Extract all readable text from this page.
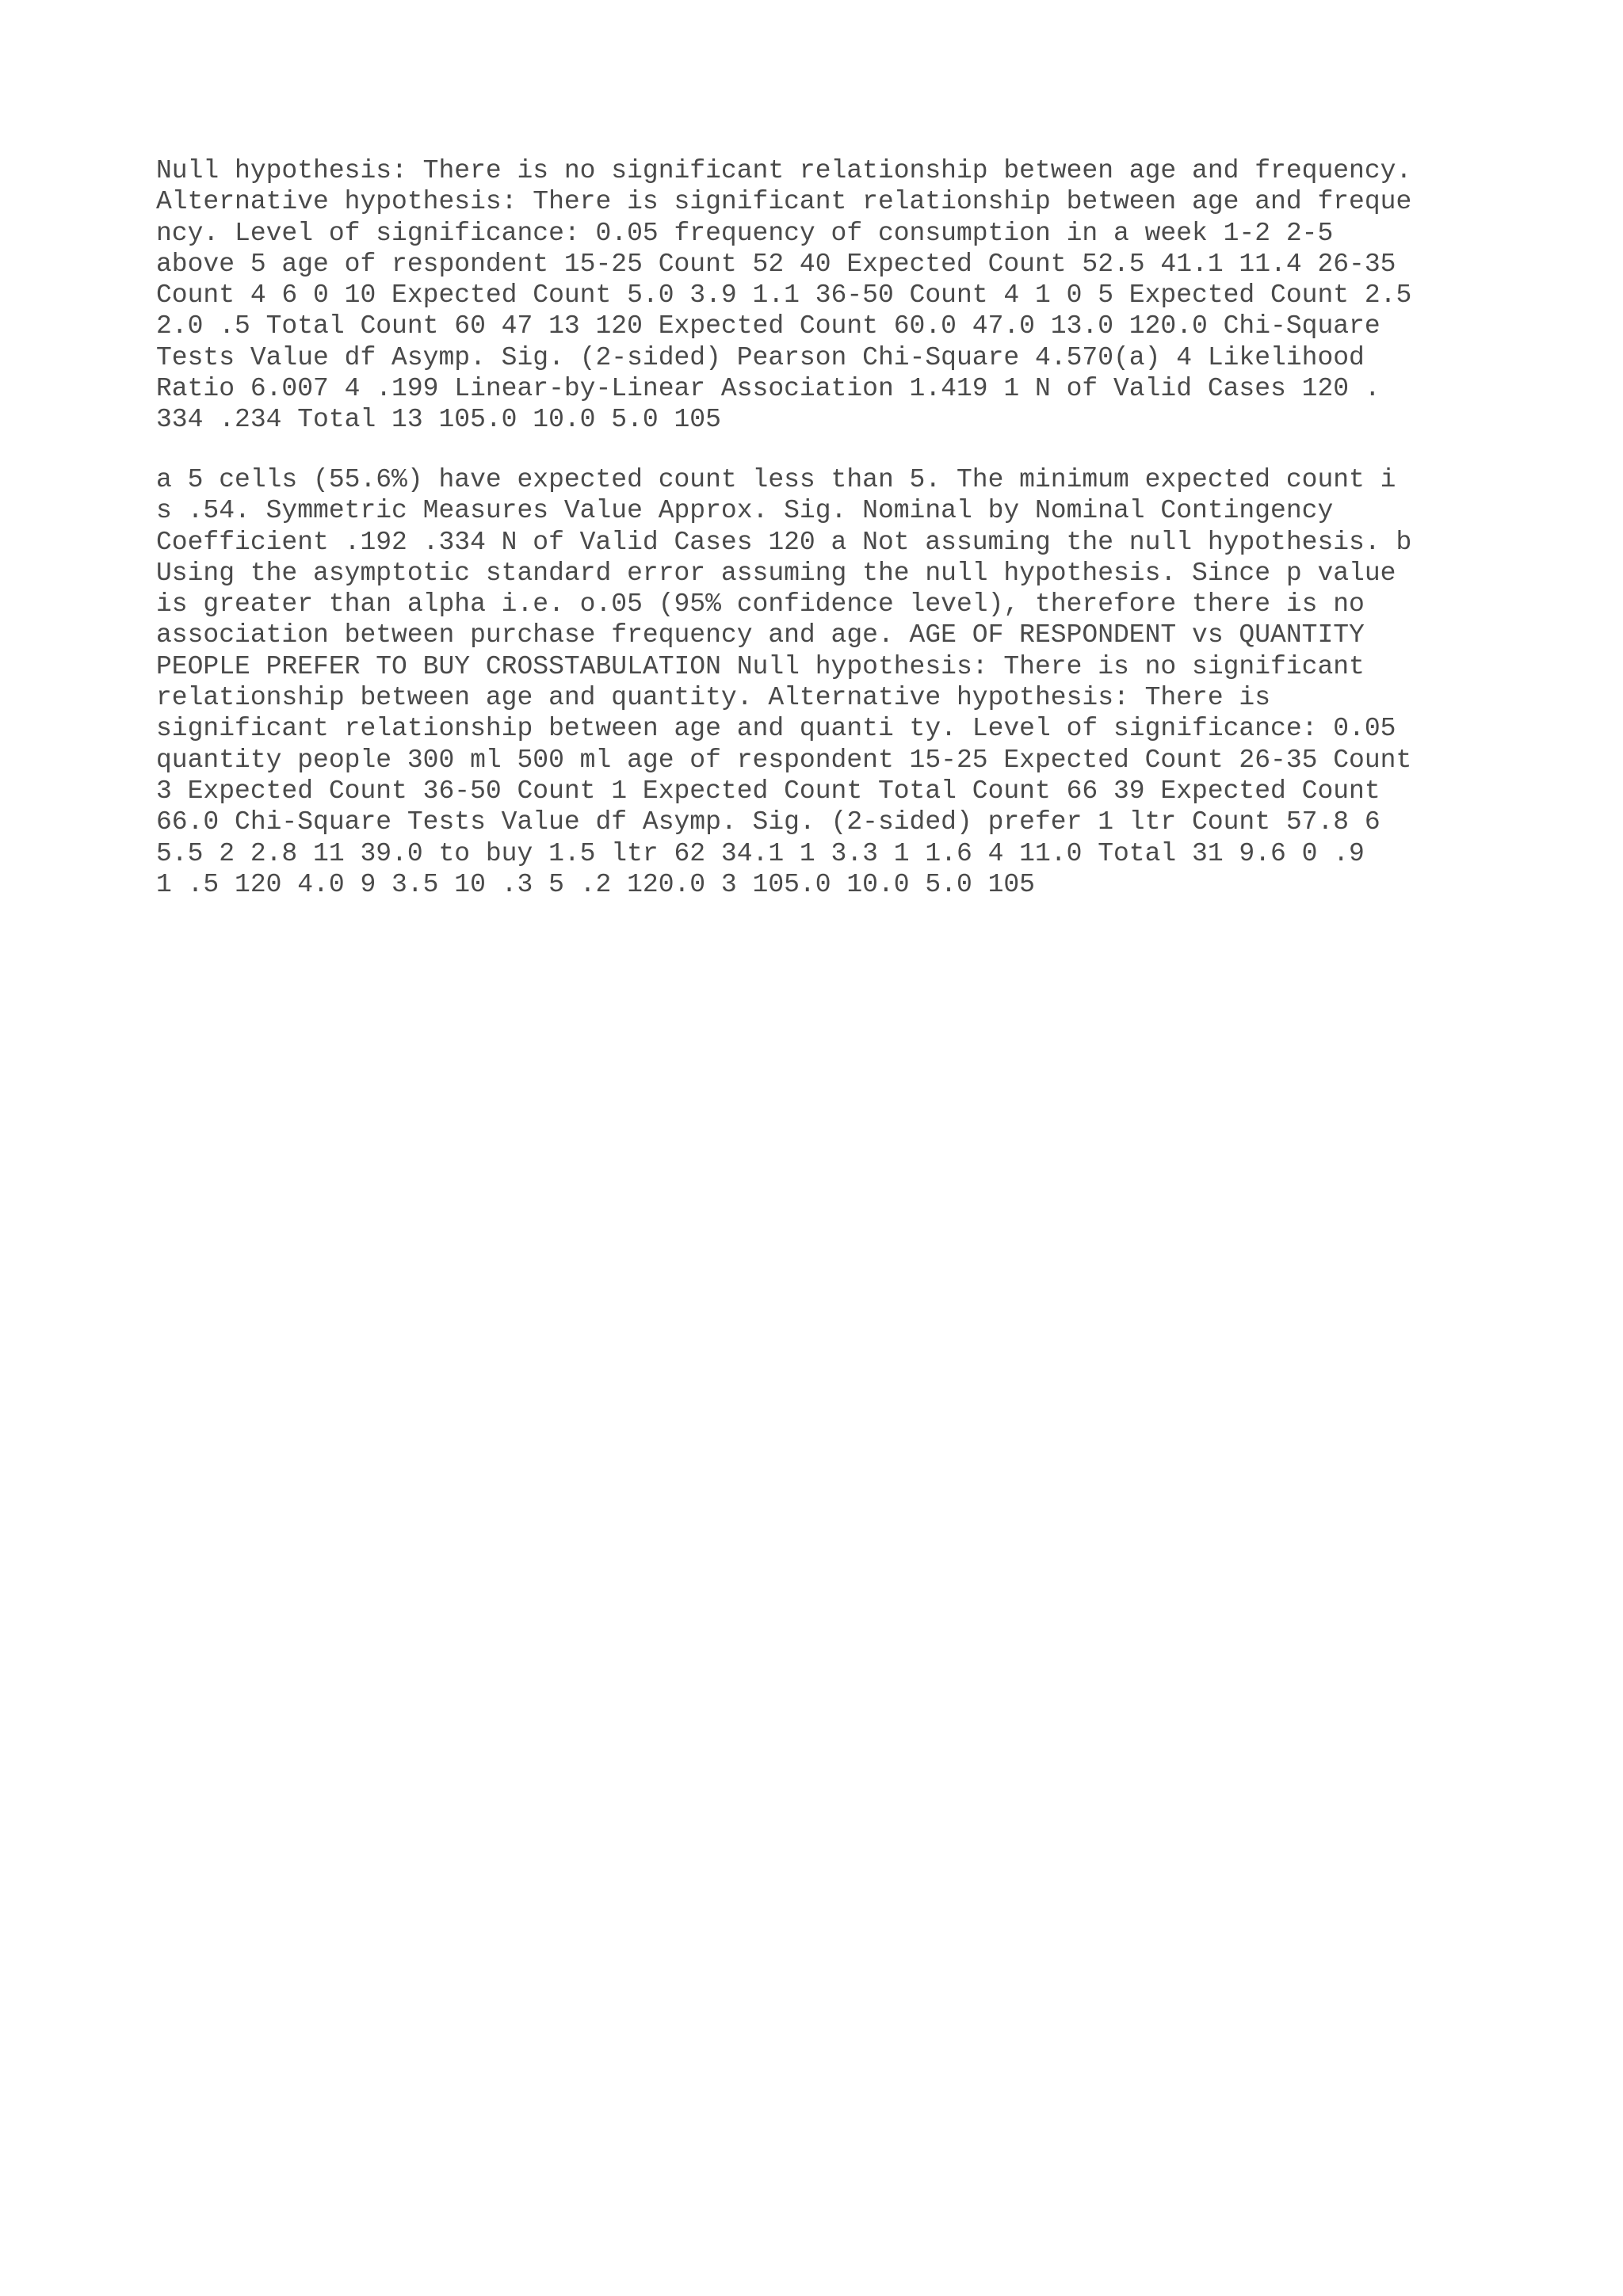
Null hypothesis: There is no significant relationship between age and frequency.
Alternative hypothesis: There is significant relationship between age and freque
ncy. Level of significance: 0.05 frequency of consumption in a week 1-2 2-5
above 5 age of respondent 15-25 Count 52 40 Expected Count 52.5 41.1 11.4 26-35
Count 4 6 0 10 Expected Count 5.0 3.9 1.1 36-50 Count 4 1 0 5 Expected Count 2.5
2.0 .5 Total Count 60 47 13 120 Expected Count 60.0 47.0 13.0 120.0 Chi-Square
Tests Value df Asymp. Sig. (2-sided) Pearson Chi-Square 4.570(a) 4 Likelihood
Ratio 6.007 4 .199 Linear-by-Linear Association 1.419 1 N of Valid Cases 120 .
334 .234 Total 13 105.0 10.0 5.0 105
a 5 cells (55.6%) have expected count less than 5. The minimum expected count i
s .54. Symmetric Measures Value Approx. Sig. Nominal by Nominal Contingency
Coefficient .192 .334 N of Valid Cases 120 a Not assuming the null hypothesis. b
Using the asymptotic standard error assuming the null hypothesis. Since p value
is greater than alpha i.e. o.05 (95% confidence level), therefore there is no
association between purchase frequency and age. AGE OF RESPONDENT vs QUANTITY
PEOPLE PREFER TO BUY CROSSTABULATION Null hypothesis: There is no significant
relationship between age and quantity. Alternative hypothesis: There is
significant relationship between age and quanti ty. Level of significance: 0.05
quantity people 300 ml 500 ml age of respondent 15-25 Expected Count 26-35 Count
3 Expected Count 36-50 Count 1 Expected Count Total Count 66 39 Expected Count
66.0 Chi-Square Tests Value df Asymp. Sig. (2-sided) prefer 1 ltr Count 57.8 6
5.5 2 2.8 11 39.0 to buy 1.5 ltr 62 34.1 1 3.3 1 1.6 4 11.0 Total 31 9.6 0 .9
1 .5 120 4.0 9 3.5 10 .3 5 .2 120.0 3 105.0 10.0 5.0 105
